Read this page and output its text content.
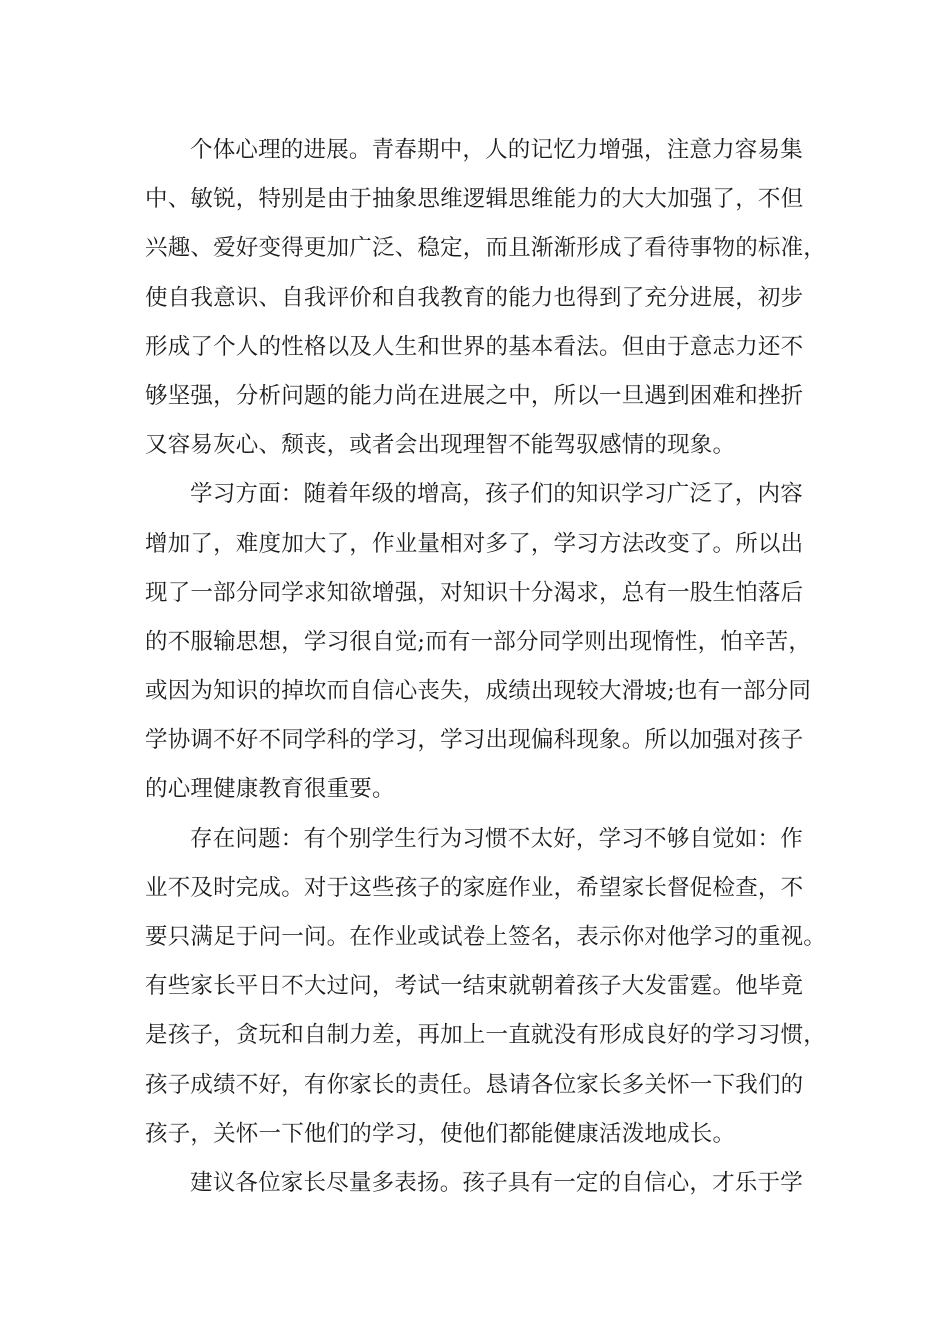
个体心理的进展。青春期中，人的记忆力增强，注意力容易集
中、敏锐，特别是由于抽象思维逻辑思维能力的大大加强了，不但
兴趣、爱好变得更加广泛、稳定，而且渐渐形成了看待事物的标准，
使自我意识、自我评价和自我教育的能力也得到了充分进展，初步
形成了个人的性格以及人生和世界的基本看法。但由于意志力还不
够坚强，分析问题的能力尚在进展之中，所以一旦遇到困难和挫折
又容易灰心、颓丧，或者会出现理智不能驾驭感情的现象。
学习方面：随着年级的增高，孩子们的知识学习广泛了，内容
增加了，难度加大了，作业量相对多了，学习方法改变了。所以出
现了一部分同学求知欲增强，对知识十分渴求，总有一股生怕落后
的不服输思想，学习很自觉;而有一部分同学则出现惰性，怕辛苦，
或因为知识的掉坎而自信心丧失，成绩出现较大滑坡;也有一部分同
学协调不好不同学科的学习，学习出现偏科现象。所以加强对孩子
的心理健康教育很重要。
存在问题：有个别学生行为习惯不太好，学习不够自觉如：作
业不及时完成。对于这些孩子的家庭作业，希望家长督促检查，不
要只满足于问一问。在作业或试卷上签名，表示你对他学习的重视。
有些家长平日不大过问，考试一结束就朝着孩子大发雷霆。他毕竟
是孩子，贪玩和自制力差，再加上一直就没有形成良好的学习习惯，
孩子成绩不好，有你家长的责任。恳请各位家长多关怀一下我们的
孩子，关怀一下他们的学习，使他们都能健康活泼地成长。
建议各位家长尽量多表扬。孩子具有一定的自信心，才乐于学
